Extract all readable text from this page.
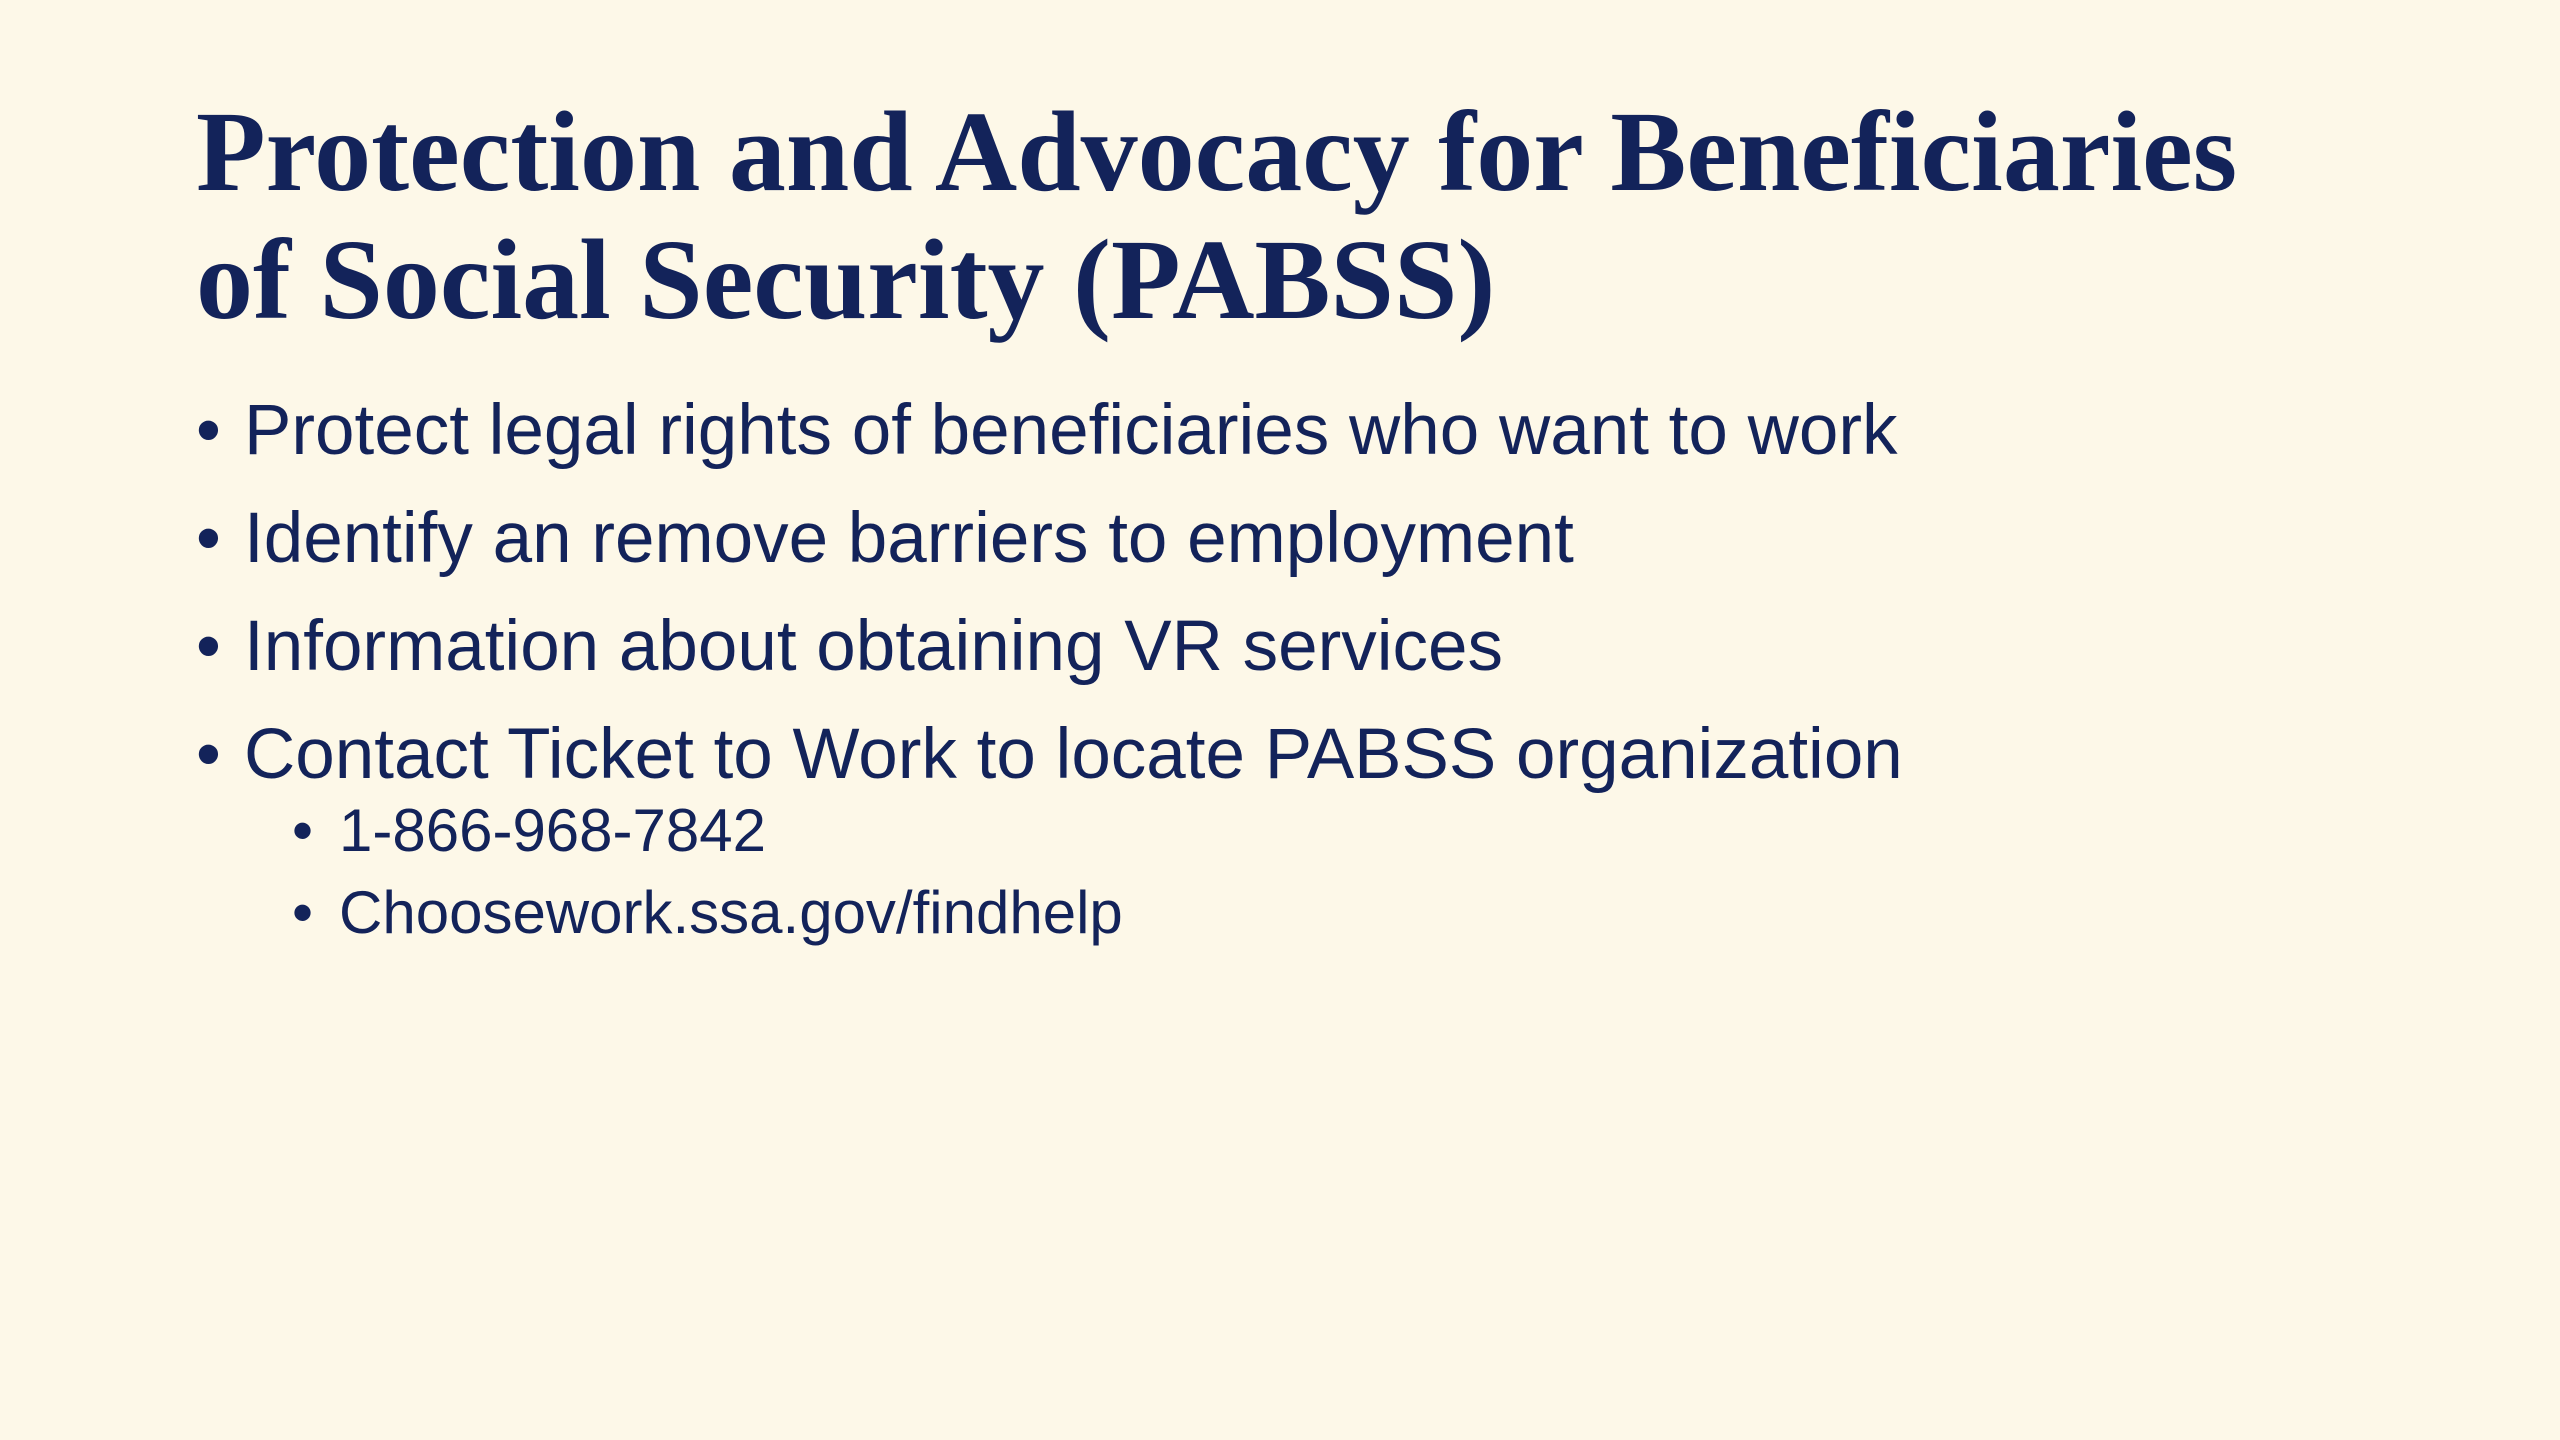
Protection and Advocacy for Beneficiaries
of Social Security (PABSS)
• Protect legal rights of beneficiaries who want to work
• Identify an remove barriers to employment
• Information about obtaining VR services
• Contact Ticket to Work to locate PABSS organization
• 1-866-968-7842
• Choosework.ssa.gov/findhelp
